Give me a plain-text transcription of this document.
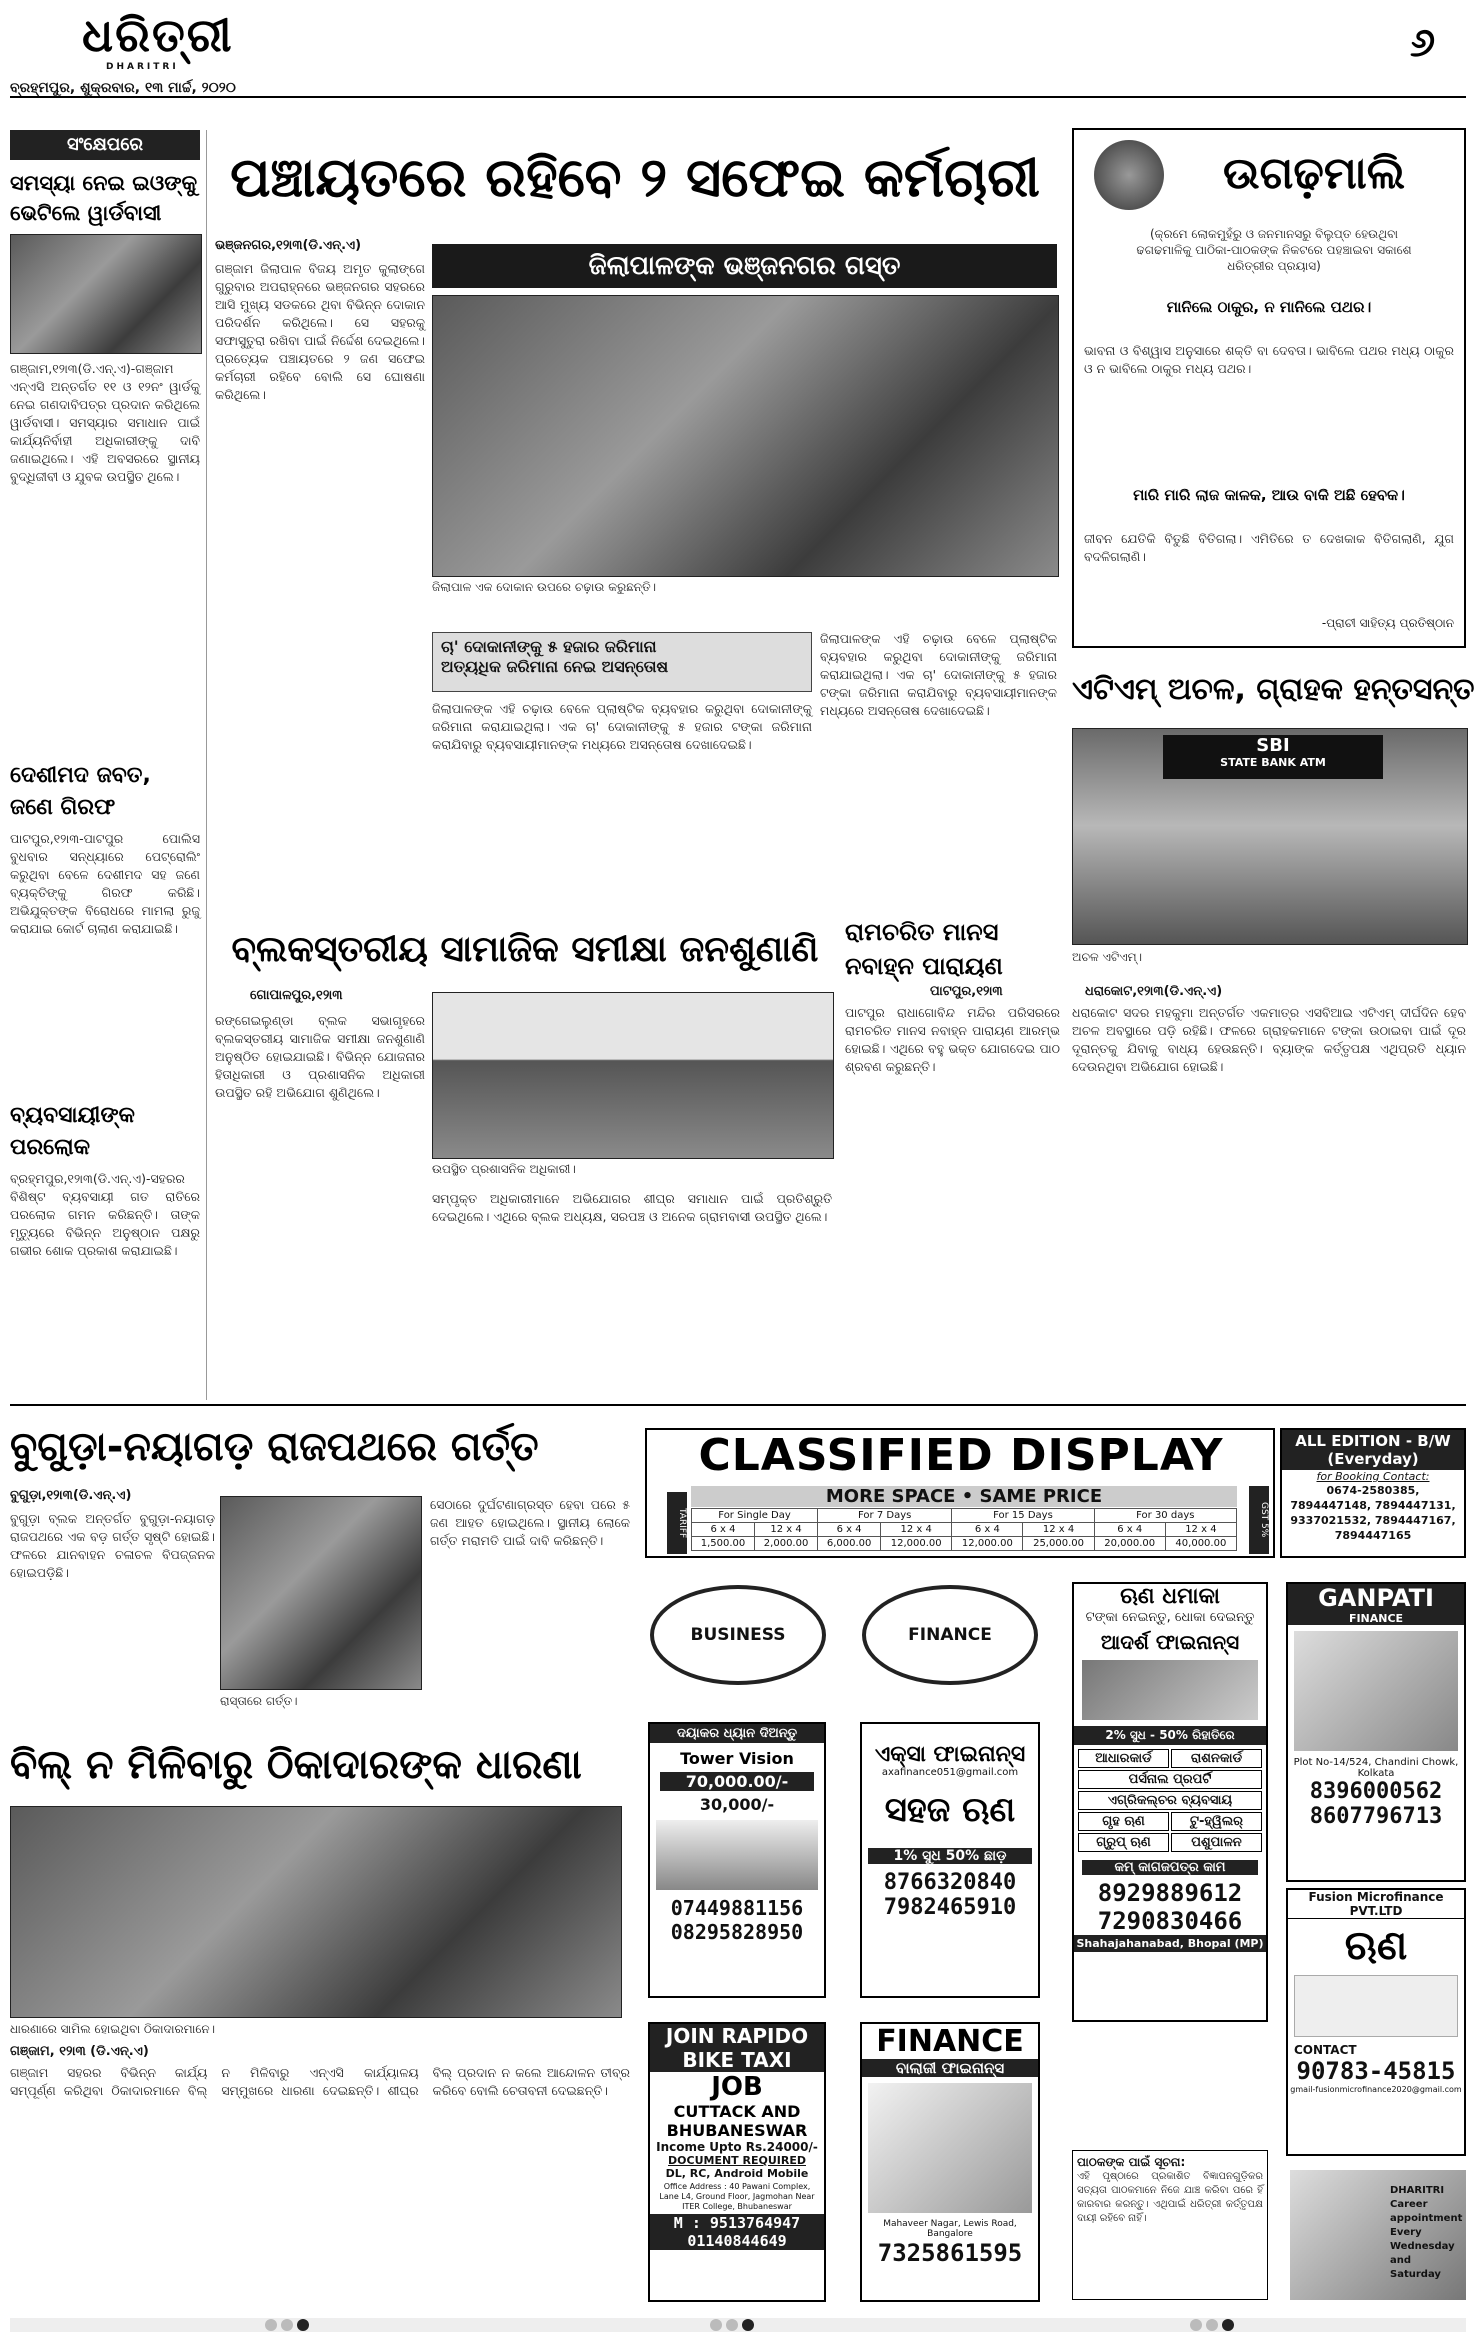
ଧରିତ୍ରୀ
DHARITRI
ବ୍ରହ୍ମପୁର, ଶୁକ୍ରବାର, ୧୩ ମାର୍ଚ୍ଚ, ୨୦୨୦
୬
ସଂକ୍ଷେପରେ
ସମସ୍ୟା ନେଇ ଇଓଙ୍କୁ ଭେଟିଲେ ୱାର୍ଡବାସୀ
ଗଞ୍ଜାମ,୧୨ା୩(ଡି.ଏନ୍.ଏ)-ଗଞ୍ଜାମ ଏନ୍‌ଏସି ଅନ୍ତର୍ଗତ ୧୧ ଓ ୧୨ନଂ ୱାର୍ଡକୁ ନେଇ ଗଣଦାବିପତ୍ର ପ୍ରଦାନ କରିଥିଲେ ୱାର୍ଡବାସୀ। ସମସ୍ୟାର ସମାଧାନ ପାଇଁ କାର୍ଯ୍ୟନିର୍ବାହୀ ଅଧିକାରୀଙ୍କୁ ଦାବି ଜଣାଇଥିଲେ। ଏହି ଅବସରରେ ସ୍ଥାନୀୟ ବୁଦ୍ଧିଜୀବୀ ଓ ଯୁବକ ଉପସ୍ଥିତ ଥିଲେ।
ଦେଶୀମଦ ଜବତ, ଜଣେ ଗିରଫ
ପାଟପୁର,୧୨ା୩-ପାଟପୁର ପୋଲିସ ବୁଧବାର ସନ୍ଧ୍ୟାରେ ପେଟ୍ରୋଲିଂ କରୁଥିବା ବେଳେ ଦେଶୀମଦ ସହ ଜଣେ ବ୍ୟକ୍ତିଙ୍କୁ ଗିରଫ କରିଛି। ଅଭିଯୁକ୍ତଙ୍କ ବିରୋଧରେ ମାମଲା ରୁଜୁ କରାଯାଇ କୋର୍ଟ ଚାଲାଣ କରାଯାଇଛି।
ବ୍ୟବସାୟୀଙ୍କ ପରଲୋକ
ବ୍ରହ୍ମପୁର,୧୨ା୩(ଡି.ଏନ୍.ଏ)-ସହରର ବିଶିଷ୍ଟ ବ୍ୟବସାୟୀ ଗତ ରାତିରେ ପରଲୋକ ଗମନ କରିଛନ୍ତି। ତାଙ୍କ ମୃତ୍ୟୁରେ ବିଭିନ୍ନ ଅନୁଷ୍ଠାନ ପକ୍ଷରୁ ଗଭୀର ଶୋକ ପ୍ରକାଶ କରାଯାଇଛି।
ପଞ୍ଚାୟତରେ ରହିବେ ୨ ସଫେଇ କର୍ମଚାରୀ
ଭଞ୍ଜନଗର,୧୨ା୩(ଡି.ଏନ୍.ଏ)
ଜିଲାପାଳଙ୍କ ଭଞ୍ଜନଗର ଗସ୍ତ
ଗଞ୍ଜାମ ଜିଲାପାଳ ବିଜୟ ଅମୃତ କୁଲାଙ୍ଗେ ଗୁରୁବାର ଅପରାହ୍ନରେ ଭଞ୍ଜନଗର ସହରରେ ଆସି ମୁଖ୍ୟ ସଡକରେ ଥିବା ବିଭିନ୍ନ ଦୋକାନ ପରିଦର୍ଶନ କରିଥିଲେ। ସେ ସହରକୁ ସଫାସୁତୁରା ରଖିବା ପାଇଁ ନିର୍ଦ୍ଦେଶ ଦେଇଥିଲେ। ପ୍ରତ୍ୟେକ ପଞ୍ଚାୟତରେ ୨ ଜଣ ସଫେଇ କର୍ମଚାରୀ ରହିବେ ବୋଲି ସେ ଘୋଷଣା କରିଥିଲେ।
ଜିଲାପାଳ ଏକ ଦୋକାନ ଉପରେ ଚଢ଼ାଉ କରୁଛନ୍ତି।
ଚା' ଦୋକାନୀଙ୍କୁ ୫ ହଜାର ଜରିମାନା
ଅତ୍ୟଧିକ ଜରିମାନା ନେଇ ଅସନ୍ତୋଷ
ଜିଲାପାଳଙ୍କ ଏହି ଚଢ଼ାଉ ବେଳେ ପ୍ଲାଷ୍ଟିକ ବ୍ୟବହାର କରୁଥିବା ଦୋକାନୀଙ୍କୁ ଜରିମାନା କରାଯାଇଥିଲା। ଏକ ଚା' ଦୋକାନୀଙ୍କୁ ୫ ହଜାର ଟଙ୍କା ଜରିମାନା କରାଯିବାରୁ ବ୍ୟବସାୟୀମାନଙ୍କ ମଧ୍ୟରେ ଅସନ୍ତୋଷ ଦେଖାଦେଇଛି।
ଜିଲାପାଳଙ୍କ ଏହି ଚଢ଼ାଉ ବେଳେ ପ୍ଲାଷ୍ଟିକ ବ୍ୟବହାର କରୁଥିବା ଦୋକାନୀଙ୍କୁ ଜରିମାନା କରାଯାଇଥିଲା। ଏକ ଚା' ଦୋକାନୀଙ୍କୁ ୫ ହଜାର ଟଙ୍କା ଜରିମାନା କରାଯିବାରୁ ବ୍ୟବସାୟୀମାନଙ୍କ ମଧ୍ୟରେ ଅସନ୍ତୋଷ ଦେଖାଦେଇଛି।
ଉଗଢ଼ମାଲି
(କ୍ରମେ ଲୋକମୁହଁରୁ ଓ ଜନମାନସରୁ ବିଲୁପ୍ତ ହେଉଥିବା ଢଗଢମାଳିକୁ ପାଠିକା-ପାଠକଙ୍କ ନିକଟରେ ପହଞ୍ଚାଇବା ସକାଶେ ଧରିତ୍ରୀର ପ୍ରୟାସ)
ମାନିଲେ ଠାକୁର, ନ ମାନିଲେ ପଥର।
ଭାବନା ଓ ବିଶ୍ୱାସ ଅନୁସାରେ ଶକ୍ତି ବା ଦେବତା। ଭାବିଲେ ପଥର ମଧ୍ୟ ଠାକୁର ଓ ନ ଭାବିଲେ ଠାକୁର ମଧ୍ୟ ପଥର।
ମାରି ମାରି ଲାଜ କାଳକ, ଆଉ ବାକି ଅଛି ହେବକ।
ଜୀବନ ଯେତିକି ବିତୁଛି ବିତିଗଲା। ଏମିତିରେ ତ ଦେଖକାକ ବିତିଗଲାଣି, ଯୁଗ ବଦଳିଗଲାଣି।
-ପ୍ରାଚୀ ସାହିତ୍ୟ ପ୍ରତିଷ୍ଠାନ
ଏଟିଏମ୍ ଅଚଳ, ଗ୍ରାହକ ହନ୍ତସନ୍ତ
SBI
STATE BANK ATM
ଅଚଳ ଏଟିଏମ୍।
ଧରାକୋଟ,୧୨ା୩(ଡି.ଏନ୍.ଏ)
ଧରାକୋଟ ସଦର ମହକୁମା ଅନ୍ତର୍ଗତ ଏକମାତ୍ର ଏସବିଆଇ ଏଟିଏମ୍ ଦୀର୍ଘଦିନ ହେବ ଅଚଳ ଅବସ୍ଥାରେ ପଡ଼ି ରହିଛି। ଫଳରେ ଗ୍ରାହକମାନେ ଟଙ୍କା ଉଠାଇବା ପାଇଁ ଦୂର ଦୂରାନ୍ତକୁ ଯିବାକୁ ବାଧ୍ୟ ହେଉଛନ୍ତି। ବ୍ୟାଙ୍କ କର୍ତ୍ତୃପକ୍ଷ ଏଥିପ୍ରତି ଧ୍ୟାନ ଦେଉନଥିବା ଅଭିଯୋଗ ହୋଇଛି।
ବ୍ଲକସ୍ତରୀୟ ସାମାଜିକ ସମୀକ୍ଷା ଜନଶୁଣାଣି
ଗୋପାଳପୁର,୧୨ା୩
ରଙ୍ଗେଇଲୁଣ୍ଡା ବ୍ଲକ ସଭାଗୃହରେ ବ୍ଲକସ୍ତରୀୟ ସାମାଜିକ ସମୀକ୍ଷା ଜନଶୁଣାଣି ଅନୁଷ୍ଠିତ ହୋଇଯାଇଛି। ବିଭିନ୍ନ ଯୋଜନାର ହିତାଧିକାରୀ ଓ ପ୍ରଶାସନିକ ଅଧିକାରୀ ଉପସ୍ଥିତ ରହି ଅଭିଯୋଗ ଶୁଣିଥିଲେ।
ଉପସ୍ଥିତ ପ୍ରଶାସନିକ ଅଧିକାରୀ।
ସମ୍ପୃକ୍ତ ଅଧିକାରୀମାନେ ଅଭିଯୋଗର ଶୀଘ୍ର ସମାଧାନ ପାଇଁ ପ୍ରତିଶ୍ରୁତି ଦେଇଥିଲେ। ଏଥିରେ ବ୍ଲକ ଅଧ୍ୟକ୍ଷ, ସରପଞ୍ଚ ଓ ଅନେକ ଗ୍ରାମବାସୀ ଉପସ୍ଥିତ ଥିଲେ।
ରାମଚରିତ ମାନସ ନବାହ୍ନ ପାରାୟଣ
ପାଟପୁର,୧୨ା୩
ପାଟପୁର ରାଧାଗୋବିନ୍ଦ ମନ୍ଦିର ପରିସରରେ ରାମଚରିତ ମାନସ ନବାହ୍ନ ପାରାୟଣ ଆରମ୍ଭ ହୋଇଛି। ଏଥିରେ ବହୁ ଭକ୍ତ ଯୋଗଦେଇ ପାଠ ଶ୍ରବଣ କରୁଛନ୍ତି।
ବୁଗୁଡ଼ା-ନୟାଗଡ଼ ରାଜପଥରେ ଗର୍ତ୍ତ
ବୁଗୁଡ଼ା,୧୨ା୩(ଡି.ଏନ୍.ଏ)
ବୁଗୁଡ଼ା ବ୍ଲକ ଅନ୍ତର୍ଗତ ବୁଗୁଡ଼ା-ନୟାଗଡ଼ ରାଜପଥରେ ଏକ ବଡ଼ ଗର୍ତ୍ତ ସୃଷ୍ଟି ହୋଇଛି। ଫଳରେ ଯାନବାହନ ଚଳାଚଳ ବିପଜ୍ଜନକ ହୋଇପଡ଼ିଛି।
ରାସ୍ତାରେ ଗର୍ତ୍ତ।
ସେଠାରେ ଦୁର୍ଘଟଣାଗ୍ରସ୍ତ ହେବା ପରେ ୫ ଜଣ ଆହତ ହୋଇଥିଲେ। ସ୍ଥାନୀୟ ଲୋକେ ଗର୍ତ୍ତ ମରାମତି ପାଇଁ ଦାବି କରିଛନ୍ତି।
ବିଲ୍ ନ ମିଳିବାରୁ ଠିକାଦାରଙ୍କ ଧାରଣା
ଧାରଣାରେ ସାମିଲ ହୋଇଥିବା ଠିକାଦାରମାନେ।
ଗଞ୍ଜାମ, ୧୨ା୩ (ଡି.ଏନ୍.ଏ)
ଗଞ୍ଜାମ ସହରର ବିଭିନ୍ନ କାର୍ଯ୍ୟ ସମ୍ପୂର୍ଣ୍ଣ କରିଥିବା ଠିକାଦାରମାନେ ବିଲ୍ ନ ମିଳିବାରୁ ଏନ୍‌ଏସି କାର୍ଯ୍ୟାଳୟ ସମ୍ମୁଖରେ ଧାରଣା ଦେଇଛନ୍ତି। ଶୀଘ୍ର ବିଲ୍ ପ୍ରଦାନ ନ କଲେ ଆନ୍ଦୋଳନ ତୀବ୍ର କରିବେ ବୋଲି ଚେତାବନୀ ଦେଇଛନ୍ତି।
CLASSIFIED DISPLAY
TARIFF
MORE SPACE • SAME PRICE
GST 5%
For Single Day		For 7 Days		For 15 Days		For 30 days	
6 x 4	12 x 4	6 x 4	12 x 4	6 x 4	12 x 4	6 x 4	12 x 4
1,500.00	2,000.00	6,000.00	12,000.00	12,000.00	25,000.00	20,000.00	40,000.00
ALL EDITION - B/W (Everyday)
for Booking Contact:
0674-2580385, 7894447148, 7894447131, 9337021532, 7894447167, 7894447165
BUSINESS	FINANCE
ଋଣ ଧମାକା
ଟଙ୍କା ନେଇନ୍ତୁ, ଧୋକା ଦେଇନ୍ତୁ
ଆଦର୍ଶ ଫାଇନାନ୍ସ
2% ସୁଧ - 50% ରିହାତିରେ
ଆଧାରକାର୍ଡ	ରାଶନକାର୍ଡ
ପର୍ସନାଲ ପ୍ରପର୍ଟି
ଏଗ୍ରିକଲ୍ଚର ବ୍ୟବସାୟ
ଗୃହ ଋଣ	ଟୁ-ହ୍ୱିଲର୍
ଗ୍ରୁପ୍ ଋଣ	ପଶୁପାଳନ
କମ୍ କାଗଜପତ୍ର କାମ
8929889612
7290830466
Shahajahanabad, Bhopal (MP)
GANPATI
FINANCE
Plot No-14/524, Chandini Chowk, Kolkata
8396000562
8607796713
ଦୟାକର ଧ୍ୟାନ ଦିଅନ୍ତୁ
Tower Vision
70,000.00/-
30,000/-
07449881156
08295828950
ଏକ୍ସା ଫାଇନାନ୍ସ
axafinance051@gmail.com
ସହଜ ଋଣ
1% ସୁଧ 50% ଛାଡ଼
8766320840
7982465910	Fusion Microfinance PVT.LTD
ଋଣ
CONTACT
90783-45815
gmail-fusionmicrofinance2020@gmail.com
JOIN RAPIDO
BIKE TAXI
JOB
CUTTACK AND BHUBANESWAR
Income Upto Rs.24000/-
DOCUMENT REQUIRED
DL, RC, Android Mobile
Office Address : 40 Pawani Complex, Lane L4, Ground Floor, Jagmohan Near ITER College, Bhubaneswar
M : 9513764947
01140844649
FINANCE
ବାଲାଜୀ ଫାଇନାନ୍ସ
Mahaveer Nagar, Lewis Road, Bangalore
7325861595
ପାଠକଙ୍କ ପାଇଁ ସୂଚନା:
ଏହି ପୃଷ୍ଠାରେ ପ୍ରକାଶିତ ବିଜ୍ଞାପନଗୁଡ଼ିକର ସତ୍ୟତା ପାଠକମାନେ ନିଜେ ଯାଞ୍ଚ କରିବା ପରେ ହିଁ କାରବାର କରନ୍ତୁ। ଏଥିପାଇଁ ଧରିତ୍ରୀ କର୍ତ୍ତୃପକ୍ଷ ଦାୟୀ ରହିବେ ନାହିଁ।
DHARITRI Career appointment Every Wednesday and Saturday
